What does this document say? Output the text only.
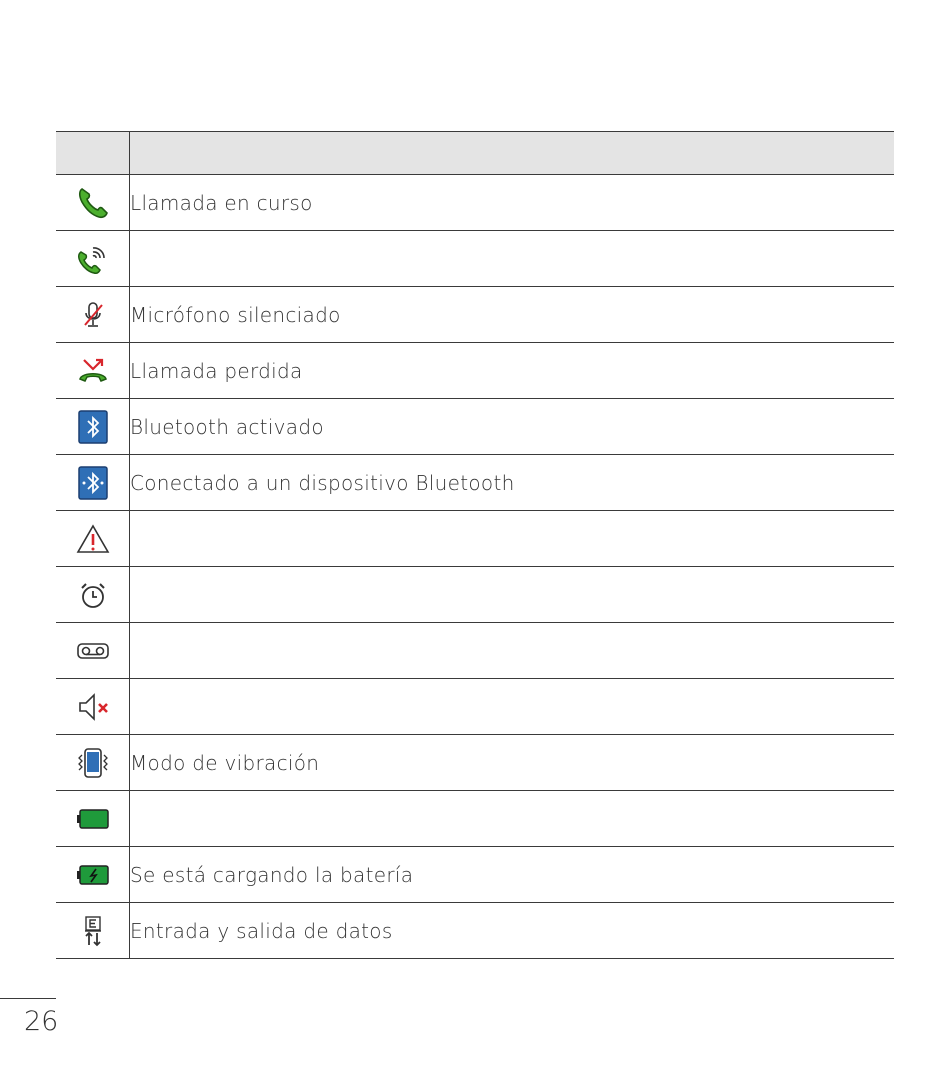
	Llamada en curso

	Micrófono silenciado

	Llamada perdida

	Bluetooth activado

	Conectado a un dispositivo Bluetooth

	Modo de vibración

	Se está cargando la batería

	Entrada y salida de datos
26
